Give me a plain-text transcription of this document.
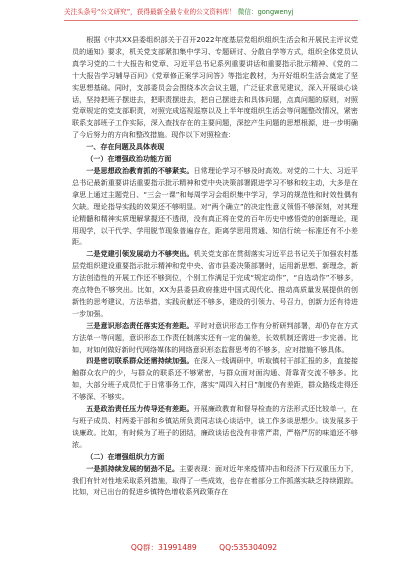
关注头条号“公文研究”，获得最新全最专业的公文资料库！ 微信：gongwenyj

根据《中共XX县委组织部关于召开2022年度基层党组织组织生活会和开展民主评议党员的通知》要求，机关党支部紧扣集中学习、专题研讨、分散自学等方式，组织全体党员认真学习党的二十大报告和党章、习近平总书记系列重要讲话和重要指示批示精神、《党的二十大报告学习辅导百问》《党章修正案学习问答》等指定教材，为开好组织生活会奠定了坚实思想基础。同时，支部委员会会围绕本次会议主题，广泛征求意见建议，深入开展谈心谈话，坚持把班子摆进去，把职责摆进去，把自己摆进去和具体问题，点真问题的原则，对照党章规定的党支部职责，对照完成巡视巡察以及上半年度组织生活会等问题整改情况，紧密联系支部班子工作实际，深入查找存在的主要问题，深挖产生问题的思想根源，进一步明确了今后努力的方向和整改措施。现作以下对照检查：

一、存在问题及具体表现

（一）在增强政治功能方面

一是思想政治教育抓的不够紧实。日常理论学习不够及时高效。对党的二十大、习近平总书记最新重要讲话重要指示批示精神和党中央决策部署跟进学习不够和较主动，大多是在拿思上通过主题党日、“三会一课”和每周学习会组织集中学习，学习的规范性和时效性偶有欠缺。理论指导实践的效果还不够明显。对“两个确立”的决定性意义领悟不够深刻，对其理论精髓和精神实质理解掌握还不透彻，没有真正将在党的百年历史中感悟党的创新理论，现用现学，以干代学、学用脱节现象普遍存在，距离学思用贯通、知信行统一标准还有不小差距。

二是党建引领发展动力不够突出。机关党支部在贯彻落实习近平总书记关于加强农村基层党组织建设重要指示批示精神和党中央、省市县委决策部署时，运用新思想、新理念，新方法创造性的开展工作还不够到位，个别工作满足于完成“规定动作”，“自选动作”不够多，亮点特色不够突出。比如，XX为县委县政府推进中国式现代化、推动高质量发展提供的创新性的思考建议，方法举措，实践贡献还不够多，建设的引领力、号召力，创新力还有待进一步加强。

三是意识形态责任落实还有差距。平时对意识形态工作有分析研判部署，却仍存在方式方法单一等问题，意识形态工作责任制落实还有一定的偏差，长效机制还需进一步完善。比如，对如何做好新时代网络媒体的网络意识形态监督思考的不够多，应对措施不够具体。

四是密切联系群众还需持续加强。在深入一线调研中，听取镇村干部汇报的多，直接接触群众农户的少，与群众的联系还不够紧密，与群众面对面沟通、背靠背交流不够多。比如，大部分班子成员忙于日常事务工作，落实“周四入村日”制度仍有差距，群众路线走得还不够深、不够实。

五是政治责任压力传导还有差距。开展廉政教育和督导检查的方法形式还比较单一，在与班子成员、村两委干部和乡镇站所负责同志谈心谈话中，谈工作多谈思想少。谈发展多于谈廉政。比如，有时候为了班子的团结，廉政谈话也没有非常严肃，严格严厉的味道还不够浓。

（二）在增强组织力方面

一是抓持续发展的韧劲不足。主要表现：面对近年来疫情冲击和经济下行双重压力下，我们有针对性地采取系列措施，取得了一些成效，也存在着部分工作抓落实缺乏持续跟踪。比如，对已出台的促进乡镇特色增收系列政策存在

QQ群：31991489	QQ:535304092
